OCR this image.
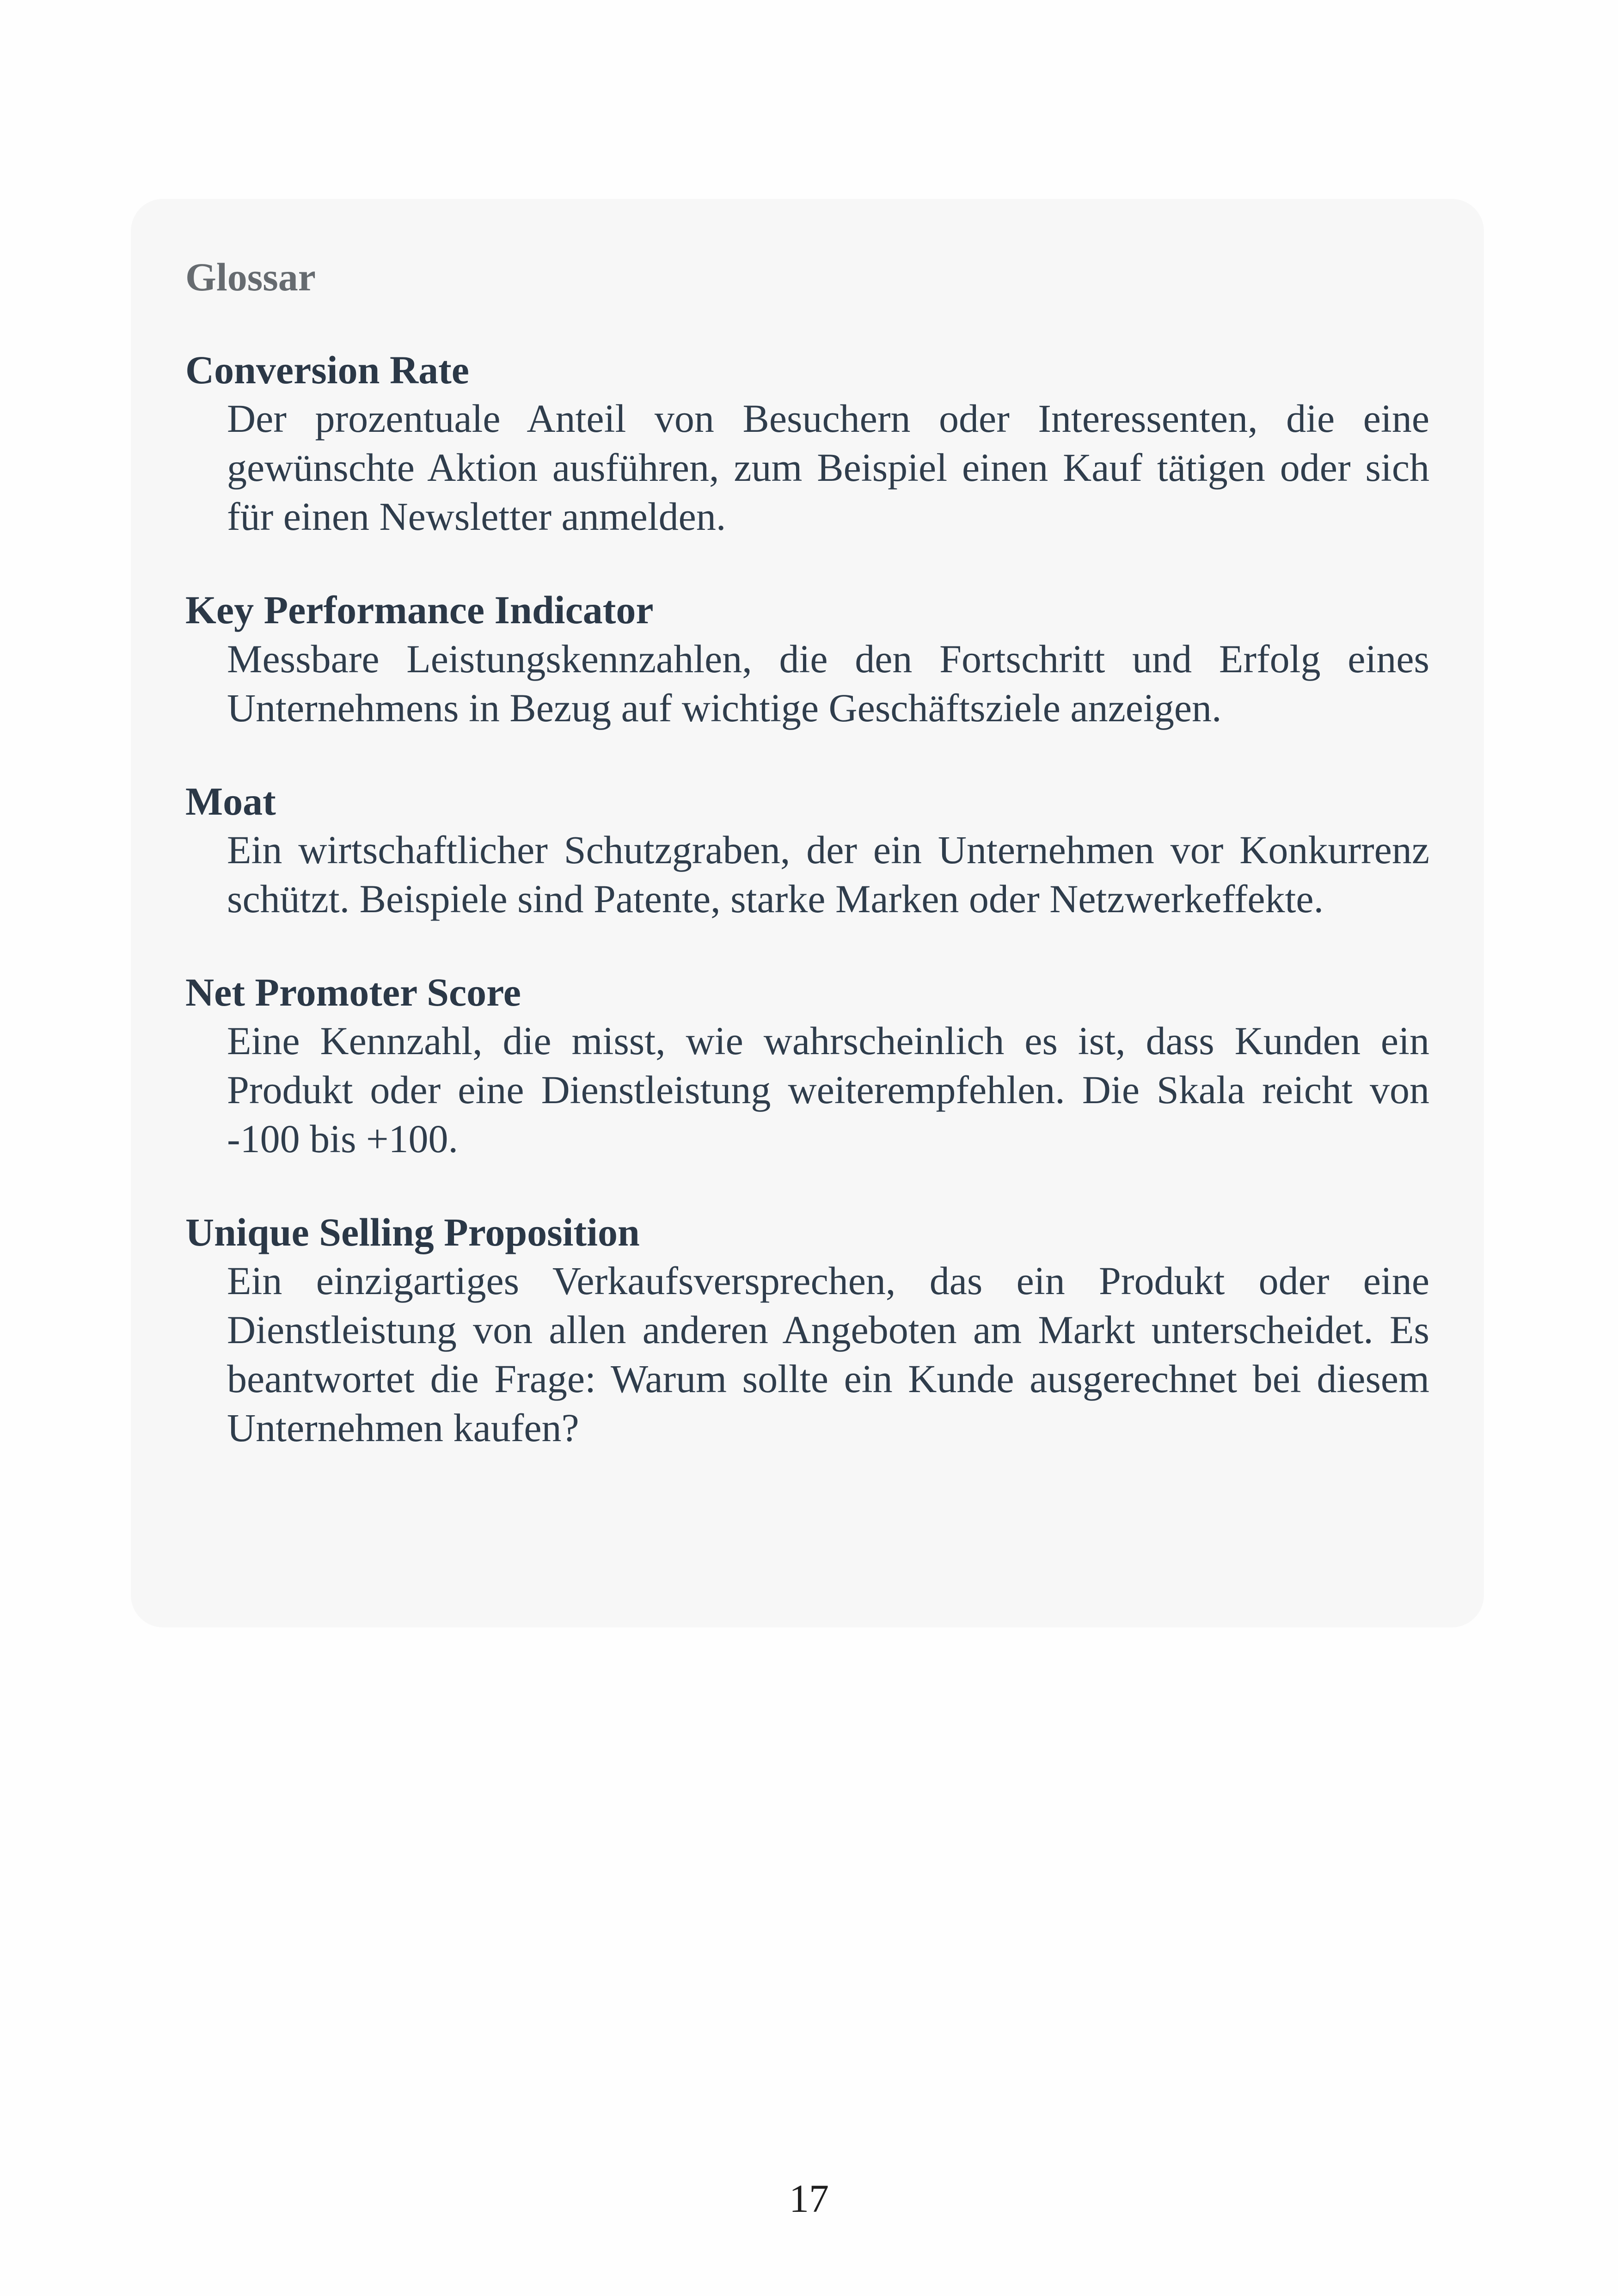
Glossar
Conversion Rate
Der prozentuale Anteil von Besuchern oder Interessenten, die eine gewünschte Aktion ausführen, zum Beispiel einen Kauf tätigen oder sich für einen Newsletter anmelden.
Key Performance Indicator
Messbare Leistungskennzahlen, die den Fortschritt und Erfolg eines Unternehmens in Bezug auf wichtige Geschäftsziele anzeigen.
Moat
Ein wirtschaftlicher Schutzgraben, der ein Unternehmen vor Konkurrenz schützt. Beispiele sind Patente, starke Marken oder Netzwerkeffekte.
Net Promoter Score
Eine Kennzahl, die misst, wie wahrscheinlich es ist, dass Kunden ein Produkt oder eine Dienstleistung weiterempfehlen. Die Skala reicht von -100 bis +100.
Unique Selling Proposition
Ein einzigartiges Verkaufsversprechen, das ein Produkt oder eine Dienstleistung von allen anderen Angeboten am Markt unterscheidet. Es beantwortet die Frage: Warum sollte ein Kunde ausgerechnet bei diesem Unternehmen kaufen?
17
